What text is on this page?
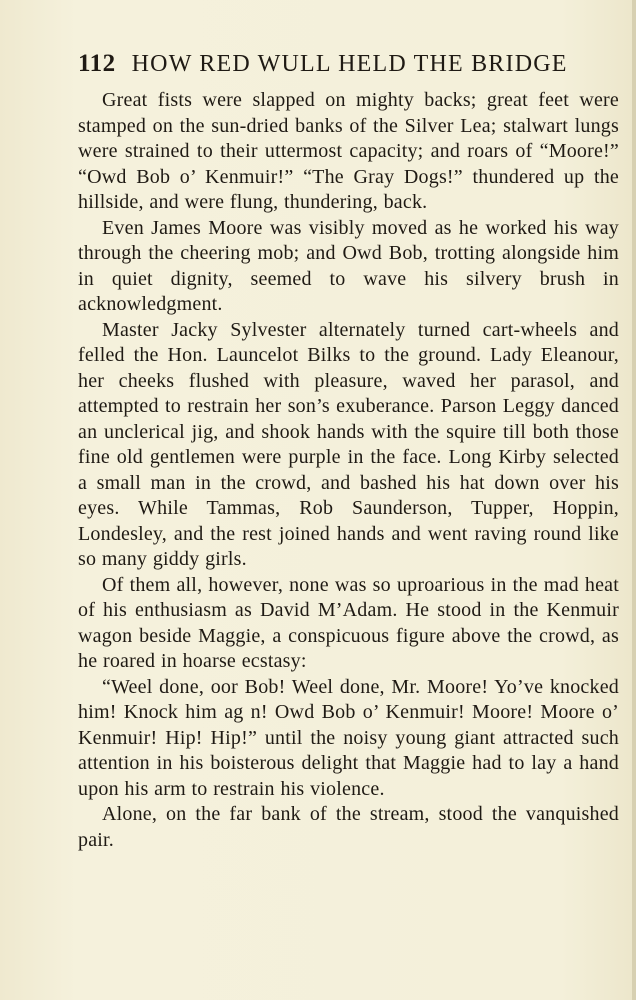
112 HOW RED WULL HELD THE BRIDGE

Great fists were slapped on mighty backs; great feet were stamped on the sun-dried banks of the Silver Lea; stalwart lungs were strained to their uttermost capacity; and roars of “Moore!” “Owd Bob o’ Kenmuir!” “The Gray Dogs!” thundered up the hillside, and were flung, thundering, back.

Even James Moore was visibly moved as he worked his way through the cheering mob; and Owd Bob, trotting alongside him in quiet dignity, seemed to wave his silvery brush in acknowledgment.

Master Jacky Sylvester alternately turned cart-wheels and felled the Hon. Launcelot Bilks to the ground. Lady Eleanour, her cheeks flushed with pleasure, waved her parasol, and attempted to restrain her son’s exuberance. Parson Leggy danced an unclerical jig, and shook hands with the squire till both those fine old gentlemen were purple in the face. Long Kirby selected a small man in the crowd, and bashed his hat down over his eyes. While Tammas, Rob Saunderson, Tupper, Hoppin, Londesley, and the rest joined hands and went raving round like so many giddy girls.

Of them all, however, none was so uproarious in the mad heat of his enthusiasm as David M’Adam. He stood in the Kenmuir wagon beside Maggie, a conspicuous figure above the crowd, as he roared in hoarse ecstasy:

“Weel done, oor Bob! Weel done, Mr. Moore! Yo’ve knocked him! Knock him ag n! Owd Bob o’ Kenmuir! Moore! Moore o’ Kenmuir! Hip! Hip!” until the noisy young giant attracted such attention in his boisterous delight that Maggie had to lay a hand upon his arm to restrain his violence.

Alone, on the far bank of the stream, stood the vanquished pair.
